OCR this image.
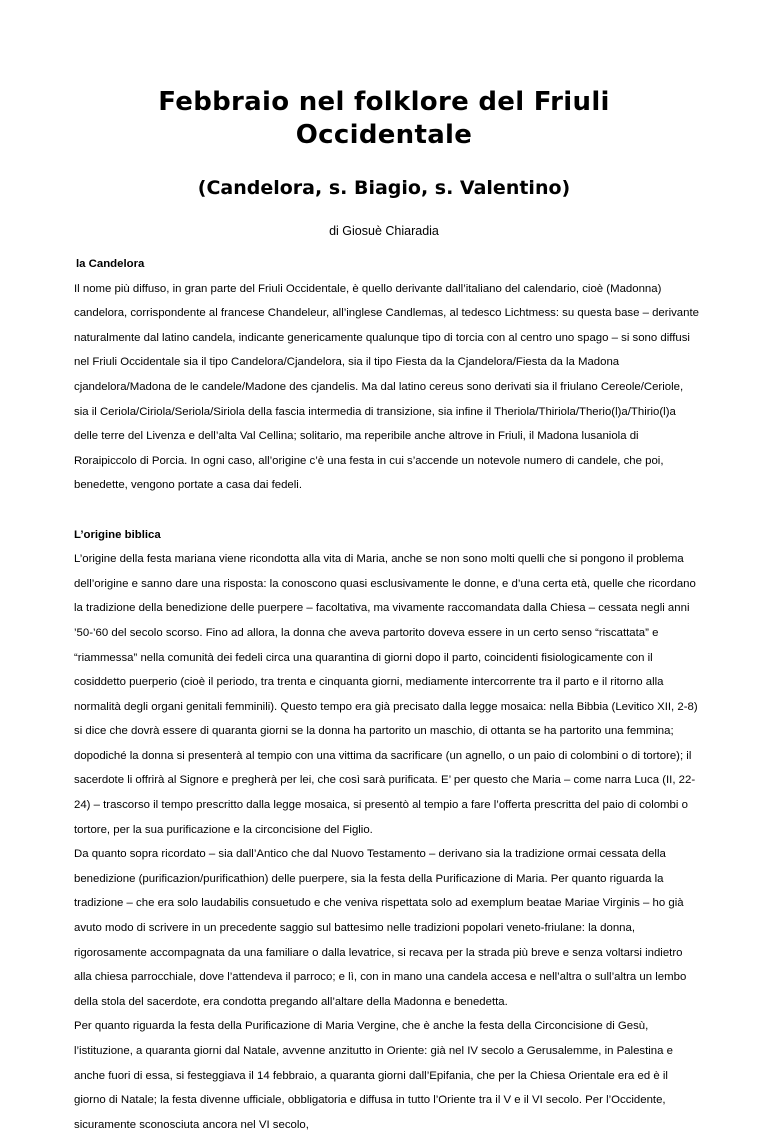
Febbraio nel folklore del Friuli
Occidentale
(Candelora, s. Biagio, s. Valentino)

di Giosuè Chiaradia

la Candelora

Il nome più diffuso, in gran parte del Friuli Occidentale, è quello derivante dall’italiano del calendario, cioè (Madonna) candelora, corrispondente al francese Chandeleur, all’inglese Candlemas, al tedesco Lichtmess: su questa base – derivante naturalmente dal latino candela, indicante genericamente qualunque tipo di torcia con al centro uno spago – si sono diffusi nel Friuli Occidentale sia il tipo Candelora/Cjandelora, sia il tipo Fiesta da la Cjandelora/Fiesta da la Madona cjandelora/Madona de le candele/Madone des cjandelis. Ma dal latino cereus sono derivati sia il friulano Cereole/Ceriole, sia il Ceriola/Ciriola/Seriola/Siriola della fascia intermedia di transizione, sia infine il Theriola/Thiriola/Therio(l)a/Thirio(l)a delle terre del Livenza e dell’alta Val Cellina; solitario, ma reperibile anche altrove in Friuli, il Madona lusaniola di Roraipiccolo di Porcia. In ogni caso, all’origine c’è una festa in cui s’accende un notevole numero di candele, che poi, benedette, vengono portate a casa dai fedeli.

L’origine biblica

L’origine della festa mariana viene ricondotta alla vita di Maria, anche se non sono molti quelli che si pongono il problema dell’origine e sanno dare una risposta: la conoscono quasi esclusivamente le donne, e d’una certa età, quelle che ricordano la tradizione della benedizione delle puerpere – facoltativa, ma vivamente raccomandata dalla Chiesa – cessata negli anni ’50-’60 del secolo scorso. Fino ad allora, la donna che aveva partorito doveva essere in un certo senso “riscattata” e “riammessa” nella comunità dei fedeli circa una quarantina di giorni dopo il parto, coincidenti fisiologicamente con il cosiddetto puerperio (cioè il periodo, tra trenta e cinquanta giorni, mediamente intercorrente tra il parto e il ritorno alla normalità degli organi genitali femminili). Questo tempo era già precisato dalla legge mosaica: nella Bibbia (Levitico XII, 2-8) si dice che dovrà essere di quaranta giorni se la donna ha partorito un maschio, di ottanta se ha partorito una femmina; dopodiché la donna si presenterà al tempio con una vittima da sacrificare (un agnello, o un paio di colombini o di tortore); il sacerdote li offrirà al Signore e pregherà per lei, che così sarà purificata. E’ per questo che Maria – come narra Luca (II, 22-24) – trascorso il tempo prescritto dalla legge mosaica, si presentò al tempio a fare l’offerta prescritta del paio di colombi o tortore, per la sua purificazione e la circoncisione del Figlio.

Da quanto sopra ricordato – sia dall’Antico che dal Nuovo Testamento – derivano sia la tradizione ormai cessata della benedizione (purificazion/purificathion) delle puerpere, sia la festa della Purificazione di Maria. Per quanto riguarda la tradizione – che era solo laudabilis consuetudo e che veniva rispettata solo ad exemplum beatae Mariae Virginis – ho già avuto modo di scrivere in un precedente saggio sul battesimo nelle tradizioni popolari veneto-friulane: la donna, rigorosamente accompagnata da una familiare o dalla levatrice, si recava per la strada più breve e senza voltarsi indietro alla chiesa parrocchiale, dove l’attendeva il parroco; e lì, con in mano una candela accesa e nell’altra o sull’altra un lembo della stola del sacerdote, era condotta pregando all’altare della Madonna e benedetta.

Per quanto riguarda la festa della Purificazione di Maria Vergine, che è anche la festa della Circoncisione di Gesù, l’istituzione, a quaranta giorni dal Natale, avvenne anzitutto in Oriente: già nel IV secolo a Gerusalemme, in Palestina e anche fuori di essa, si festeggiava il 14 febbraio, a quaranta giorni dall’Epifania, che per la Chiesa Orientale era ed è il giorno di Natale; la festa divenne ufficiale, obbligatoria e diffusa in tutto l’Oriente tra il V e il VI secolo. Per l’Occidente, sicuramente sconosciuta ancora nel VI secolo,
